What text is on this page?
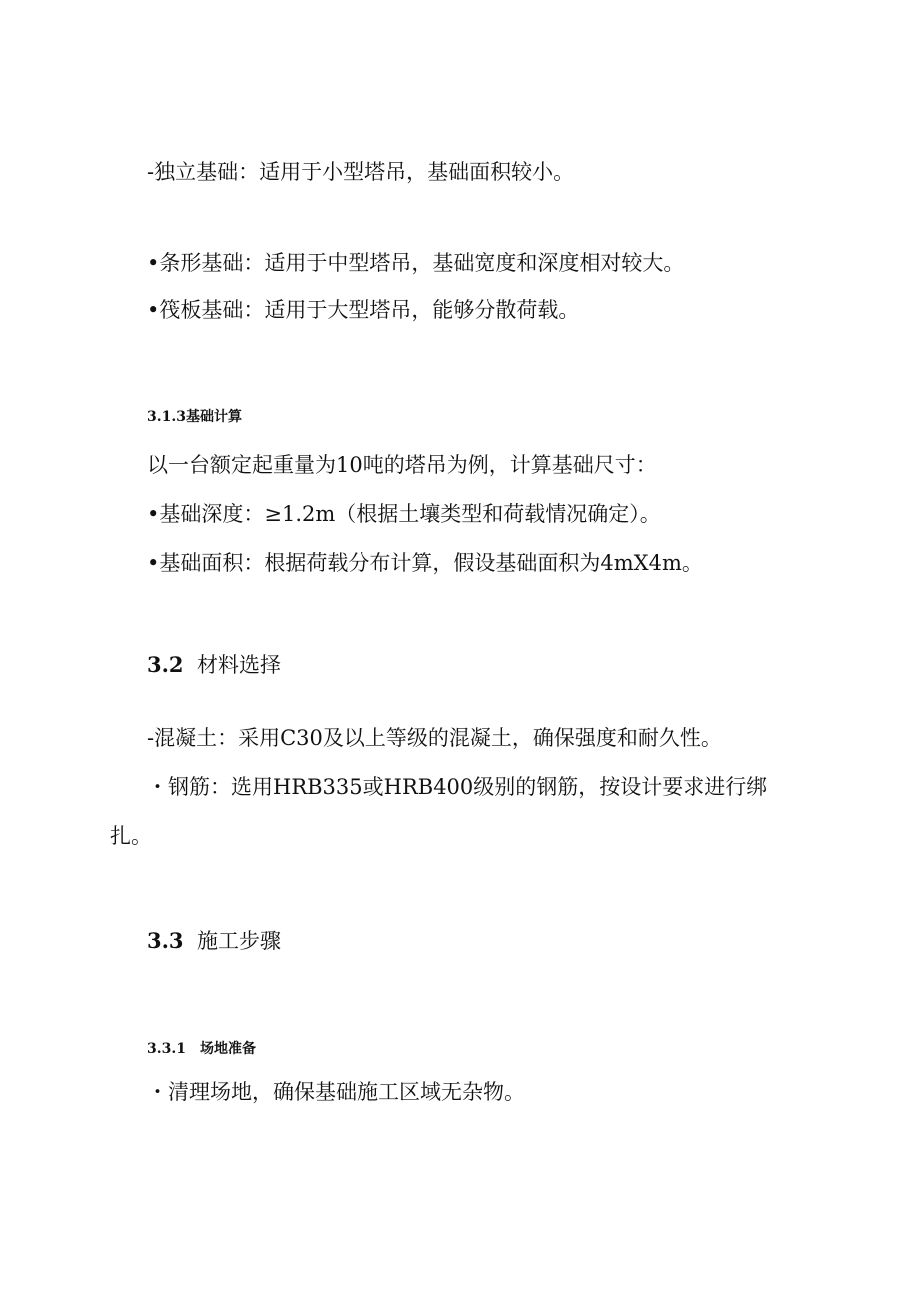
-独立基础：适用于小型塔吊，基础面积较小。
•条形基础：适用于中型塔吊，基础宽度和深度相对较大。
•筏板基础：适用于大型塔吊，能够分散荷载。
3.1.3基础计算
以一台额定起重量为10吨的塔吊为例，计算基础尺寸：
•基础深度：≥1.2m（根据土壤类型和荷载情况确定）。
•基础面积：根据荷载分布计算，假设基础面积为4mX4m。
3.2 材料选择
-混凝土：采用C30及以上等级的混凝土，确保强度和耐久性。
・钢筋：选用HRB335或HRB400级别的钢筋，按设计要求进行绑
扎。
3.3 施工步骤
3.3.1 场地准备
・清理场地，确保基础施工区域无杂物。
